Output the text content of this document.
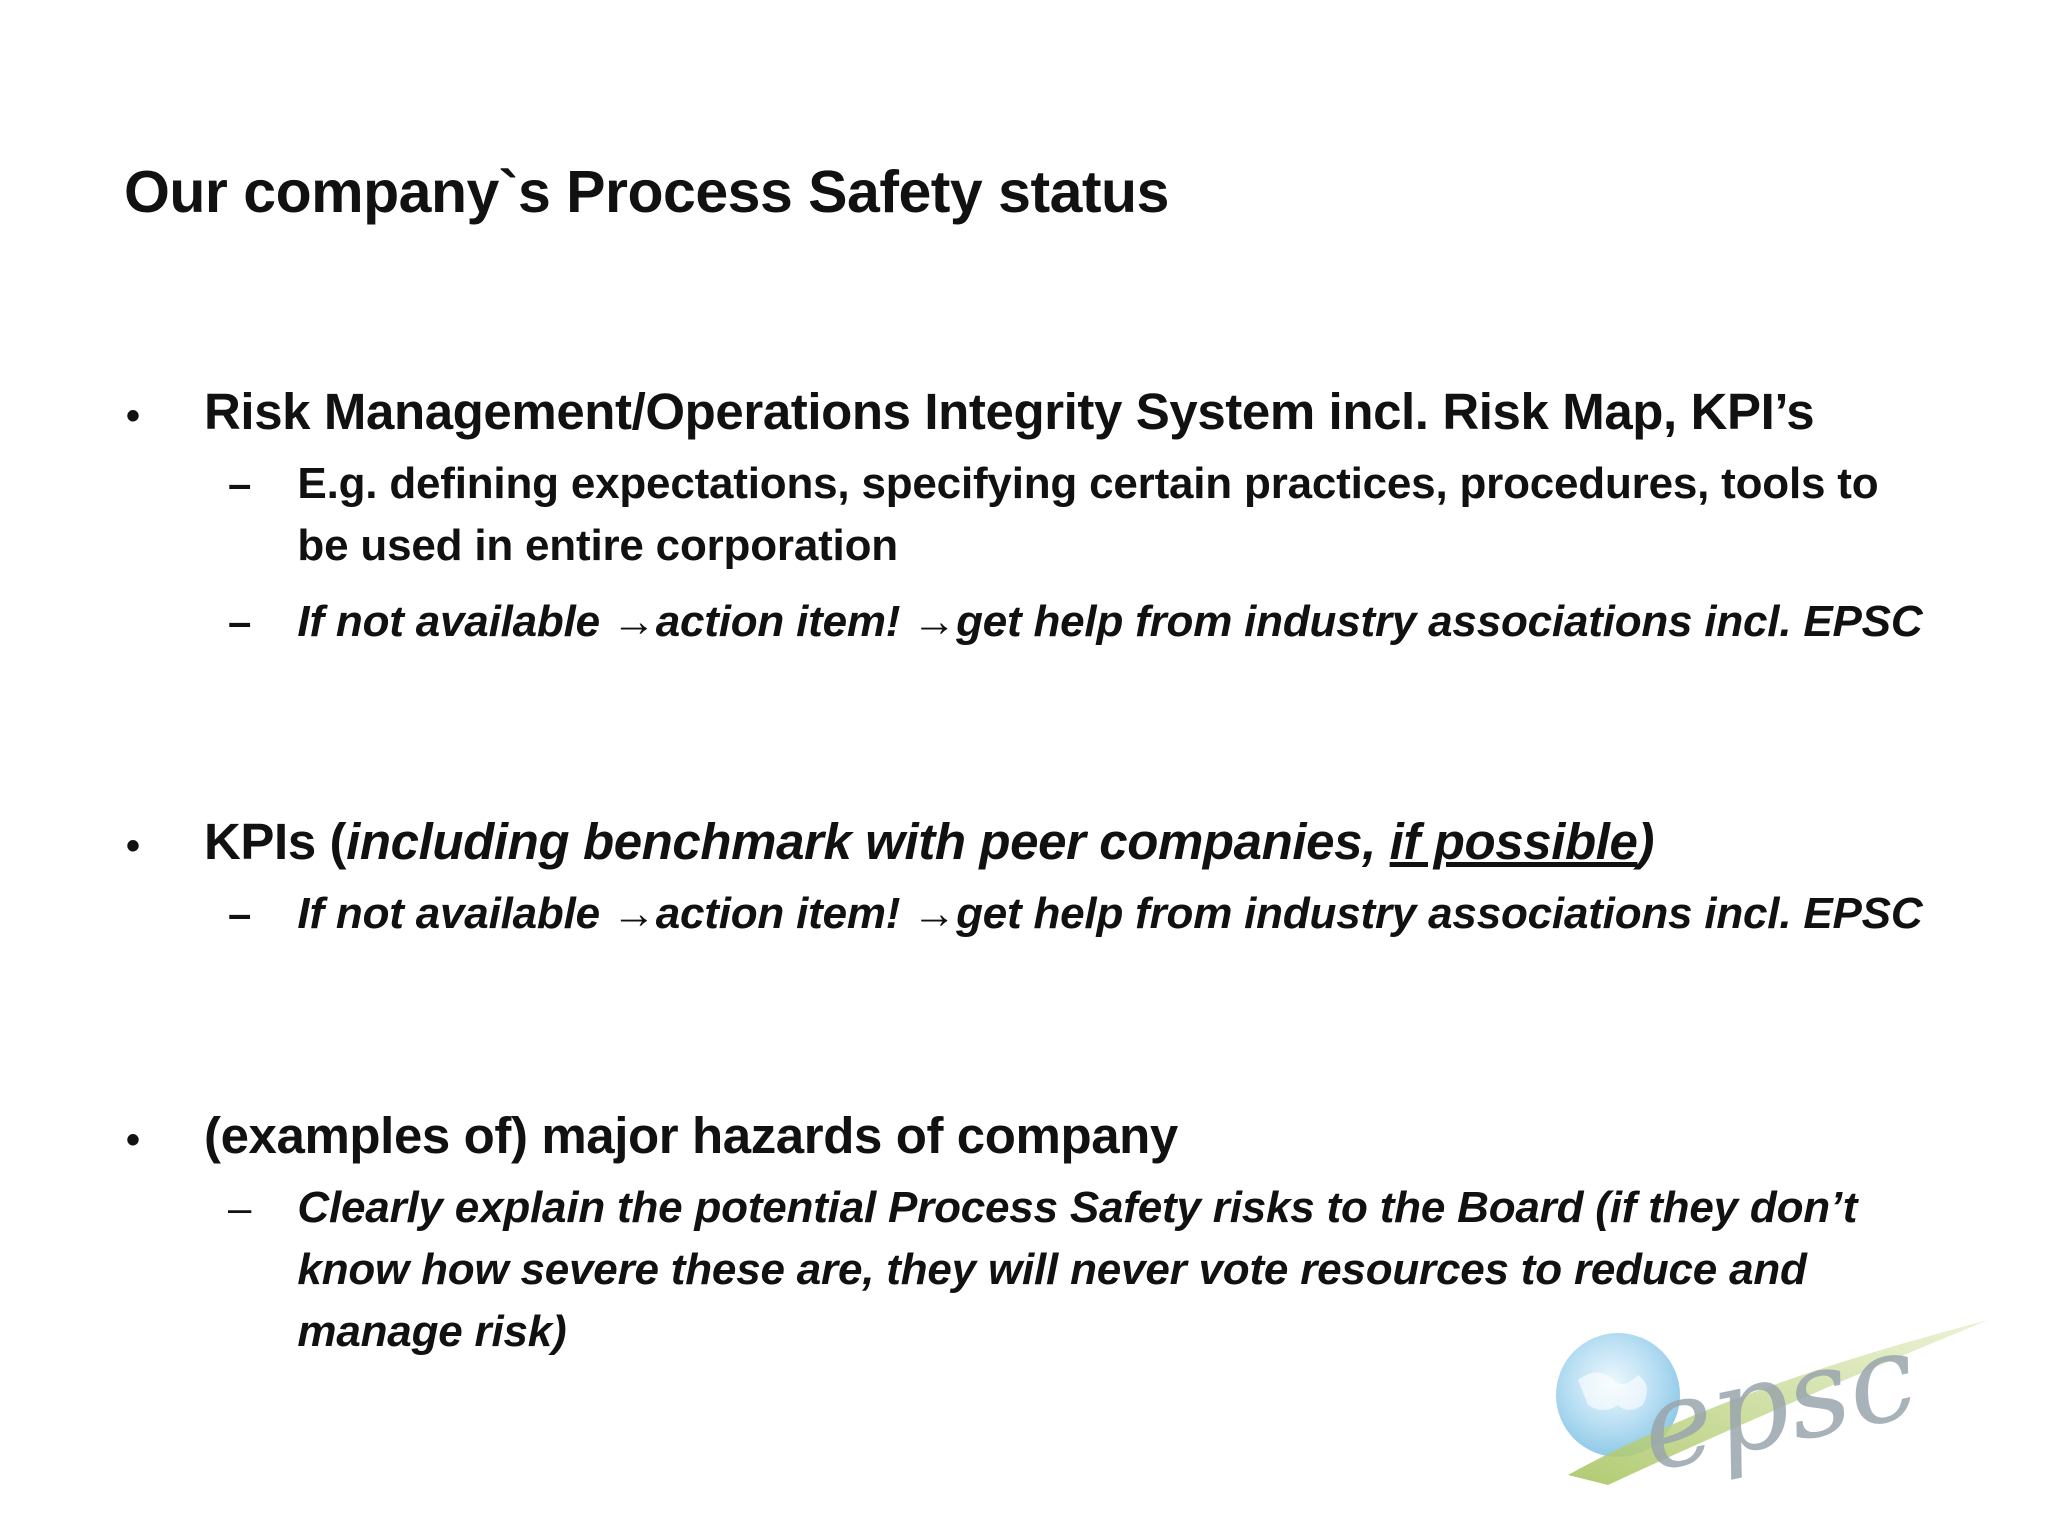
Our company`s Process Safety status
•	Risk Management/Operations Integrity System incl. Risk Map, KPI’s
–	E.g. defining expectations, specifying certain practices, procedures, tools to be used in entire corporation
–	If not available →action item! →get help from industry associations incl. EPSC
•	KPIs (including benchmark with peer companies, if possible)
–	If not available →action item! →get help from industry associations incl. EPSC
•	(examples of) major hazards of company
–	Clearly explain the potential Process Safety risks to the Board (if they don’t know how severe these are, they will never vote resources to reduce and manage risk)	epsc
